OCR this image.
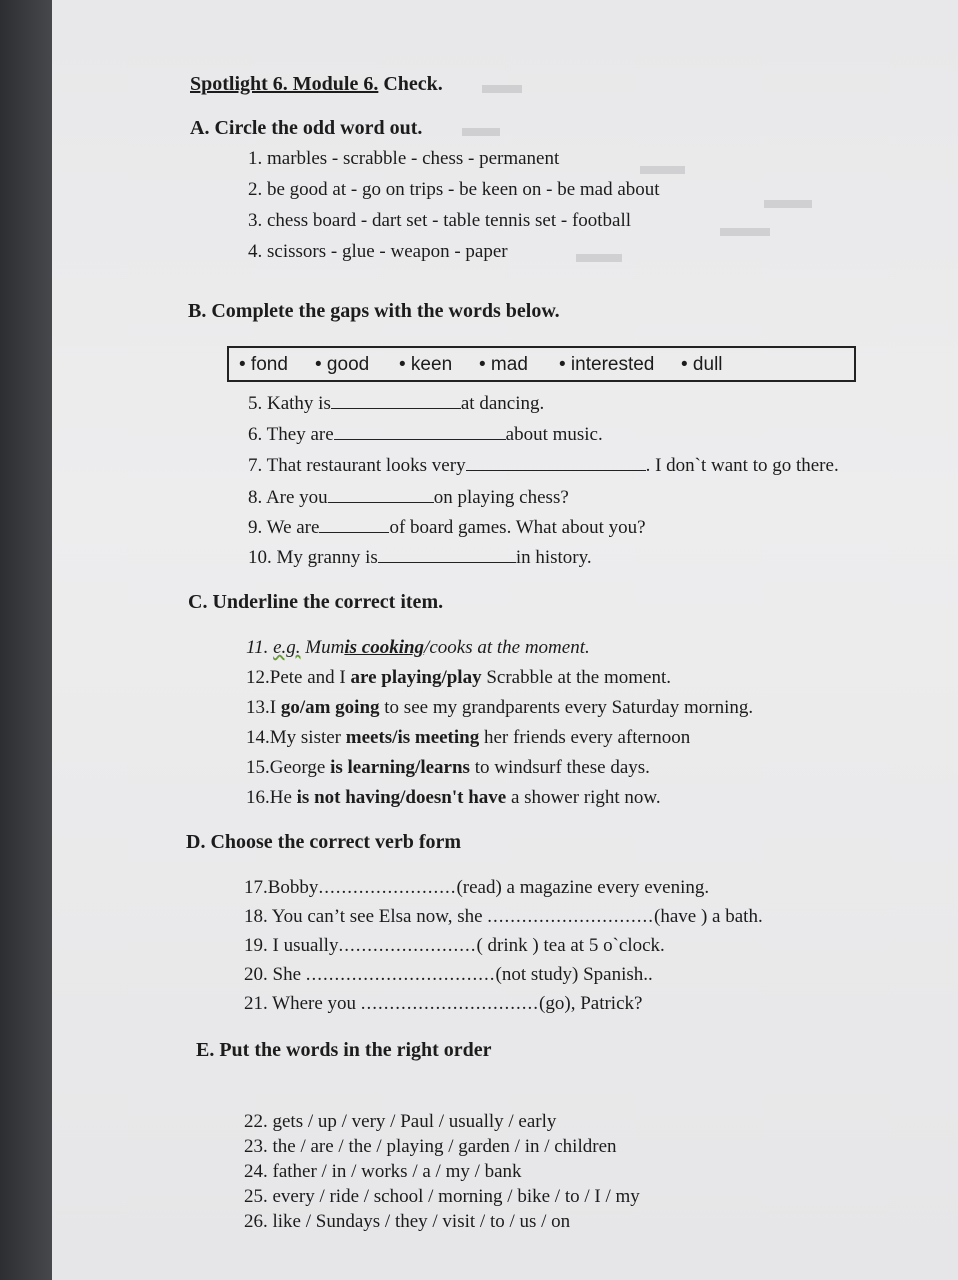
Spotlight 6. Module 6. Check.
A. Circle the odd word out.
1. marbles - scrabble - chess - permanent
2. be good at - go on trips - be keen on - be mad about
3. chess board - dart set - table tennis set - football
4. scissors - glue - weapon - paper
B. Complete the gaps with the words below.
• fond • good • keen • mad • interested • dull
5. Kathy is	at dancing.
6. They are	about music.
7. That restaurant looks very	. I don`t want to go there.
8. Are you	on playing chess?
9. We are	of board games. What about you?
10. My granny is	in history.
C. Underline the correct item.
11. e.g. Mumis cooking/cooks at the moment.
12.Pete and I are playing/play Scrabble at the moment.
13.I go/am going to see my grandparents every Saturday morning.
14.My sister meets/is meeting her friends every afternoon
15.George is learning/learns to windsurf these days.
16.He is not having/doesn't have a shower right now.
D. Choose the correct verb form
17.Bobby........................(read) a magazine every evening.
18. You can’t see Elsa now, she .............................(have ) a bath.
19. I usually........................( drink ) tea at 5 o`clock.
20. She .................................(not study) Spanish..
21. Where you ...............................(go), Patrick?
E. Put the words in the right order
22. gets / up / very / Paul / usually / early
23. the / are / the / playing / garden / in / children
24. father / in / works / a / my / bank
25. every / ride / school / morning / bike / to / I / my
26. like / Sundays / they / visit / to / us / on
